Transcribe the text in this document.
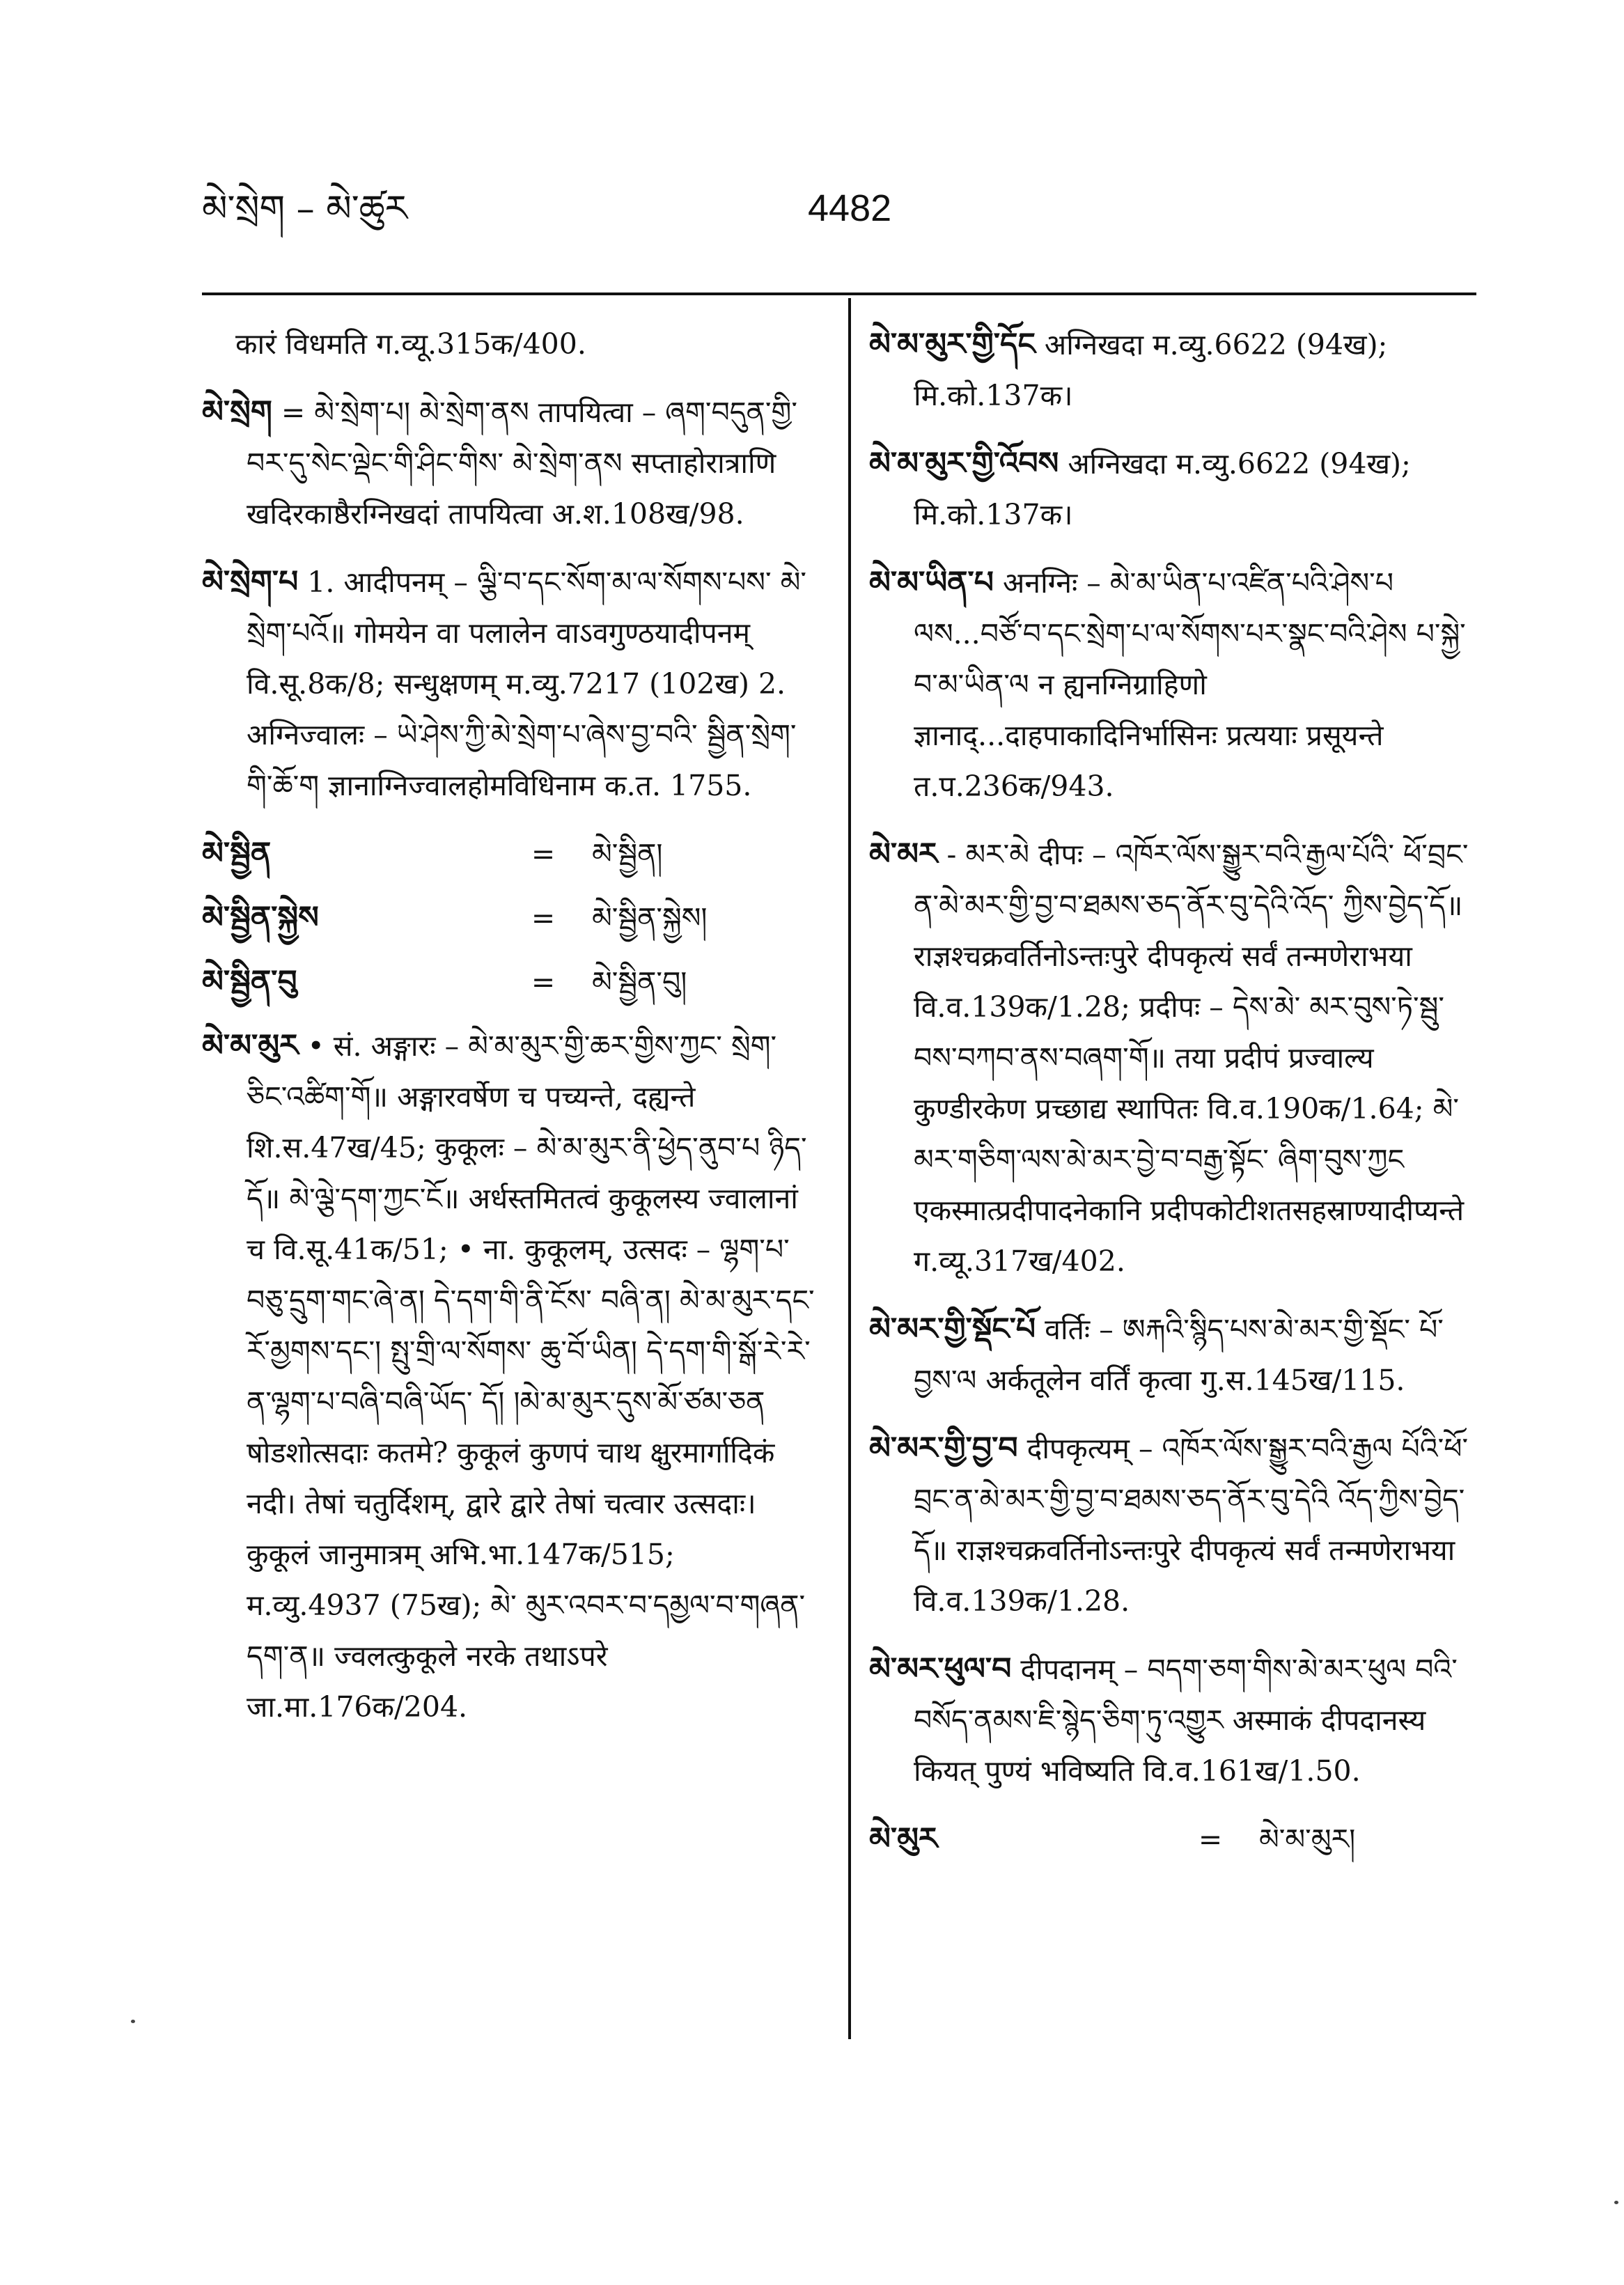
མེ་སྲེག – མེ་ཚུར	4482

कारं विधमति ग.व्यू.315क/400.

མེ་སྲེག = མེ་སྲེག་པ། མེ་སྲེག་ནས तापयित्वा – ཞག་བདུན་གྱི་བར་དུ་སེང་ལྡེང་གི་ཤིང་གིས་ མེ་སྲེག་ནས सप्ताहोरात्राणि खदिरकाष्ठैरग्निखदां तापयित्वा अ.श.108ख/98.

མེ་སྲེག་པ 1. आदीपनम् – ལྕི་བ་དང་སོག་མ་ལ་སོགས་པས་ མེ་སྲེག་པའོ॥ गोमयेन वा पलालेन वाऽवगुण्ठयादीपनम् वि.सू.8क/8; सन्धुक्षणम् म.व्यु.7217 (102ख) 2. अग्निज्वालः – ཡེ་ཤེས་ཀྱི་མེ་སྲེག་པ་ཞེས་བྱ་བའི་ སྦྱིན་སྲེག་གི་ཆོ་ག ज्ञानाग्निज्वालहोमविधिनाम क.त. 1755.

མེ་སྦྱིན	=	མེ་སྦྱིན།
མེ་སྦྱིན་སྐྱེས	=	མེ་སྦྱིན་སྐྱེས།
མེ་སྦྱིན་བུ	=	མེ་སྦྱིན་བུ།

མེ་མ་མུར • सं. अङ्गारः – མེ་མ་མུར་གྱི་ཆར་གྱིས་ཀྱང་ སྲེག་ཅིང་འཚིག་གོ॥ अङ्गारवर्षेण च पच्यन्ते, दह्यन्ते शि.स.47ख/45; कुकूलः – མེ་མ་མུར་ནི་ཕྱེད་ནུབ་པ ཉིད་དོ॥ མེ་ལྕེ་དག་ཀྱང་ངོ॥ अर्धस्तमितत्वं कुकूलस्य ज्वालानां च वि.सू.41क/51; • ना. कुकूलम्, उत्सदः – ལྷག་པ་བཅུ་དྲུག་གང་ཞེ་ན། དེ་དག་གི་ནི་ངོས་ བཞི་ན། མེ་མ་མུར་དང་རོ་མྱགས་དང་། སྤུ་གྲི་ལ་སོགས་ ཆུ་བོ་ཡིན། དེ་དག་གི་སྒོ་རེ་རེ་ན་ལྷག་པ་བཞི་བཞི་ཡོད་ དོ། །མེ་མ་མུར་དུས་མོ་ཙམ་ཅན षोडशोत्सदाः कतमे? कुकूलं कुणपं चाथ क्षुरमार्गादिकं नदी। तेषां चतुर्दिशम्, द्वारे द्वारे तेषां चत्वार उत्सदाः। कुकूलं जानुमात्रम् अभि.भा.147क/515; म.व्यु.4937 (75ख); མེ་ མུར་འབར་བ་དམྱལ་བ་གཞན་དག་ན॥ ज्वलत्कुकूले नरके तथाऽपरे जा.मा.176क/204.

མེ་མ་མུར་གྱི་དོང अग्निखदा म.व्यु.6622 (94ख); मि.को.137क।

མེ་མ་མུར་གྱི་འོབས अग्निखदा म.व्यु.6622 (94ख); मि.को.137क।

མེ་མ་ཡིན་པ अनग्निः – མེ་མ་ཡིན་པ་འཛིན་པའི་ཤེས་པ ལས...བཙོ་བ་དང་སྲེག་པ་ལ་སོགས་པར་སྣང་བའི་ཤེས པ་སྐྱེ་བ་མ་ཡིན་ལ न ह्यनग्निग्राहिणो ज्ञानाद्...दाहपाकादिनिर्भासिनः प्रत्ययाः प्रसूयन्ते त.प.236क/943.

མེ་མར - མར་མེ दीपः – འཁོར་ལོས་སྒྱུར་བའི་རྒྱལ་པོའི་ ཕོ་བྲང་ན་མེ་མར་གྱི་བྱ་བ་ཐམས་ཅད་ནོར་བུ་དེའི་འོད་ ཀྱིས་བྱེད་དོ॥ राज्ञश्चक्रवर्तिनोऽन्तःपुरे दीपकृत्यं सर्वं तन्मणेराभया वि.व.139क/1.28; प्रदीपः – དེས་མེ་ མར་བུས་ཏེ་སྦུ་བས་བཀབ་ནས་བཞག་གོ॥ तया प्रदीपं प्रज्वाल्य कुण्डीरकेण प्रच्छाद्य स्थापितः वि.व.190क/1.64; མེ་མར་གཅིག་ལས་མེ་མར་བྱེ་བ་བརྒྱ་སྟོང་ ཞིག་བུས་ཀྱང एकस्मात्प्रदीपादनेकानि प्रदीपकोटीशतसहस्राण्यादीप्यन्ते ग.व्यू.317ख/402.

མེ་མར་གྱི་སྡོང་པོ वर्तिः – ཨརྐའི་སྙིད་པས་མེ་མར་གྱི་སྡོང་ པོ་བྱས་ལ अर्कतूलेन वर्तिं कृत्वा गु.स.145ख/115.

མེ་མར་གྱི་བྱ་བ दीपकृत्यम् – འཁོར་ལོས་སྒྱུར་བའི་རྒྱལ པོའི་ཕོ་བྲང་ན་མེ་མར་གྱི་བྱ་བ་ཐམས་ཅད་ནོར་བུ་དེའི འོད་ཀྱིས་བྱེད་དོ॥ राज्ञश्चक्रवर्तिनोऽन्तःपुरे दीपकृत्यं सर्वं तन्मणेराभया वि.व.139क/1.28.

མེ་མར་ཕུལ་བ दीपदानम् – བདག་ཅག་གིས་མེ་མར་ཕུལ བའི་བསོད་ནམས་ཇི་སྙེད་ཅིག་ཏུ་འགྱུར अस्माकं दीपदानस्य कियत् पुण्यं भविष्यति वि.व.161ख/1.50.

མེ་མུར	=	མེ་མ་མུར།
